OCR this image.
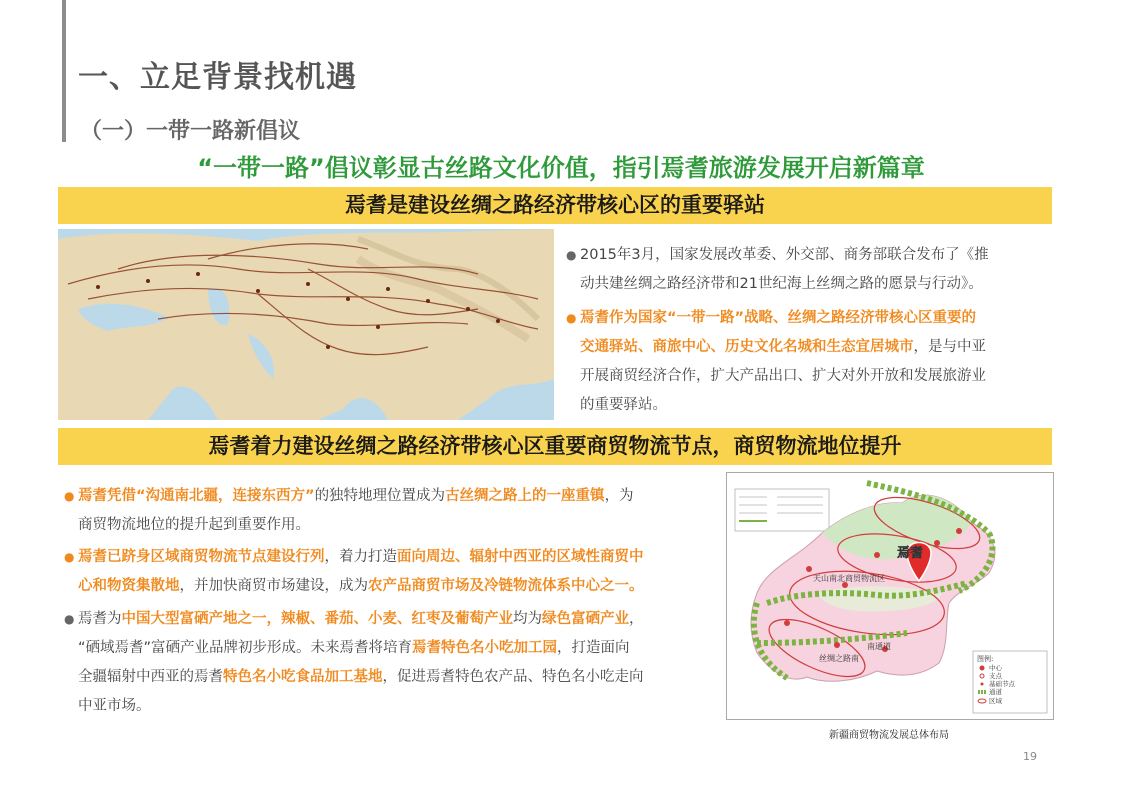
一、立足背景找机遇
（一）一带一路新倡议
“一带一路”倡议彰显古丝路文化价值，指引焉耆旅游发展开启新篇章
焉耆是建设丝绸之路经济带核心区的重要驿站
● 2015年3月，国家发展改革委、外交部、商务部联合发布了《推
动共建丝绸之路经济带和21世纪海上丝绸之路的愿景与行动》。
● 焉耆作为国家“一带一路”战略、丝绸之路经济带核心区重要的
交通驿站、商旅中心、历史文化名城和生态宜居城市，是与中亚
开展商贸经济合作，扩大产品出口、扩大对外开放和发展旅游业
的重要驿站。
焉耆着力建设丝绸之路经济带核心区重要商贸物流节点，商贸物流地位提升
● 焉耆凭借“沟通南北疆，连接东西方”的独特地理位置成为古丝绸之路上的一座重镇，为
商贸物流地位的提升起到重要作用。
● 焉耆已跻身区域商贸物流节点建设行列，着力打造面向周边、辐射中西亚的区域性商贸中
心和物资集散地，并加快商贸市场建设，成为农产品商贸市场及冷链物流体系中心之一。
● 焉耆为中国大型富硒产地之一，辣椒、番茄、小麦、红枣及葡萄产业均为绿色富硒产业，
“硒域焉耆”富硒产业品牌初步形成。未来焉耆将培育焉耆特色名小吃加工园，打造面向
全疆辐射中西亚的焉耆特色名小吃食品加工基地，促进焉耆特色农产品、特色名小吃走向
中亚市场。
焉耆
天山南北商贸物流区
丝绸之路南
南通道
图例:
中心
支点
基础节点
通道
区域
新疆商贸物流发展总体布局
19
